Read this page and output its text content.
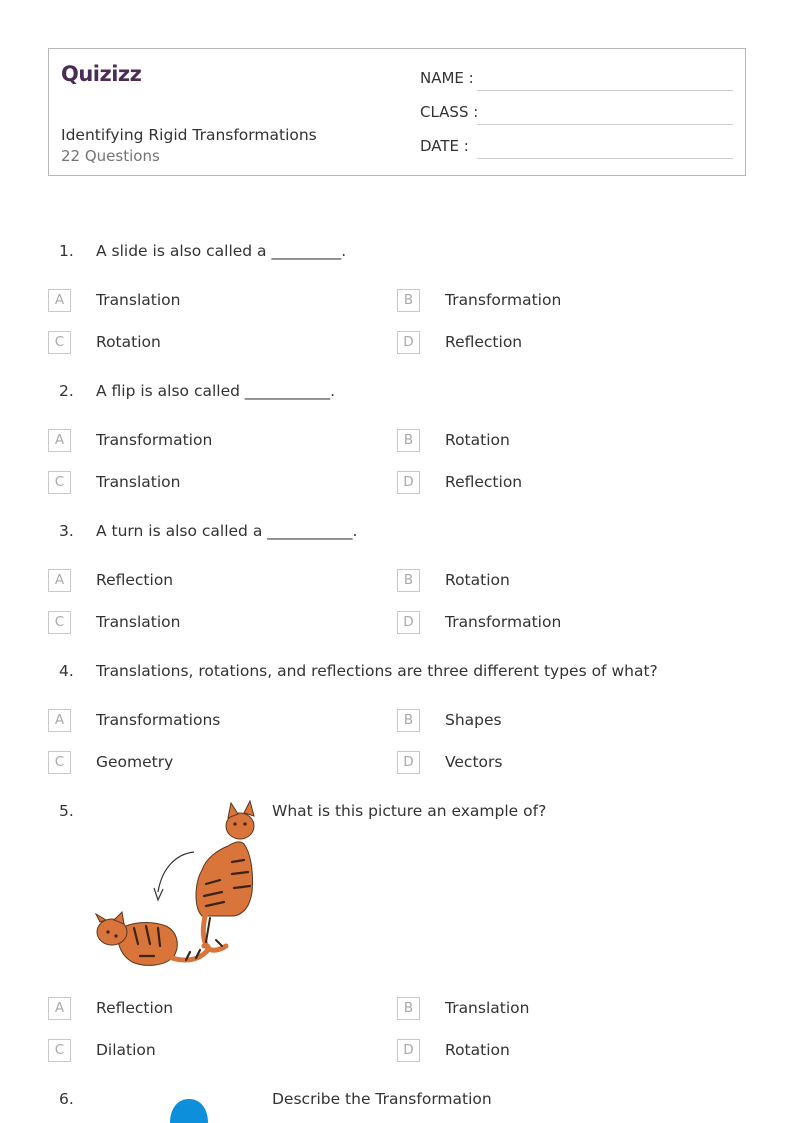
Quizizz
Identifying Rigid Transformations
22 Questions
NAME :
CLASS :
DATE :
1. A slide is also called a _________.
A	Translation	B	Transformation
C	Rotation	D	Reflection
2. A flip is also called ___________.
A	Transformation	B	Rotation
C	Translation	D	Reflection
3. A turn is also called a ___________.
A	Reflection	B	Rotation
C	Translation	D	Transformation
4. Translations, rotations, and reflections are three different types of what?
A	Transformations	B	Shapes
C	Geometry	D	Vectors
5.	What is this picture an example of?
A	Reflection	B	Translation
C	Dilation	D	Rotation
6.	Describe the Transformation
